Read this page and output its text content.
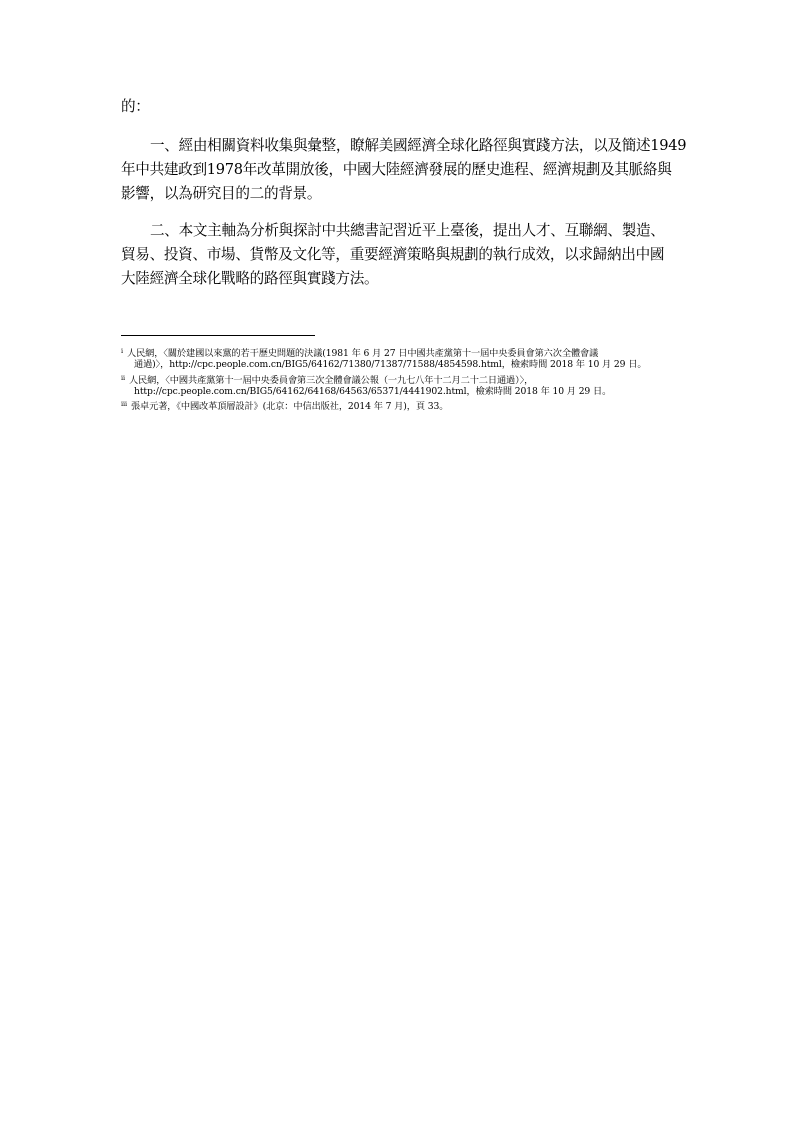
的：
一、經由相關資料收集與彙整，瞭解美國經濟全球化路徑與實踐方法，以及簡述1949
年中共建政到1978年改革開放後，中國大陸經濟發展的歷史進程、經濟規劃及其脈絡與
影響，以為研究目的二的背景。
二、本文主軸為分析與探討中共總書記習近平上臺後，提出人才、互聯網、製造、
貿易、投資、市場、貨幣及文化等，重要經濟策略與規劃的執行成效，以求歸納出中國
大陸經濟全球化戰略的路徑與實踐方法。
$^i$ 人民網，〈關於建國以來黨的若干歷史問題的決議(1981 年 6 月 27 日中國共產黨第十一屆中央委員會第六次全體會議
通過)〉，http://cpc.people.com.cn/BIG5/64162/71380/71387/71588/4854598.html，檢索時間 2018 年 10 月 29 日。
$^{ii}$ 人民網，〈中國共產黨第十一屆中央委員會第三次全體會議公報（一九七八年十二月二十二日通過）〉，
http://cpc.people.com.cn/BIG5/64162/64168/64563/65371/4441902.html，檢索時間 2018 年 10 月 29 日。
$^{iii}$ 張卓元著，《中國改革頂層設計》(北京：中信出版社，2014 年 7 月)，頁 33。
